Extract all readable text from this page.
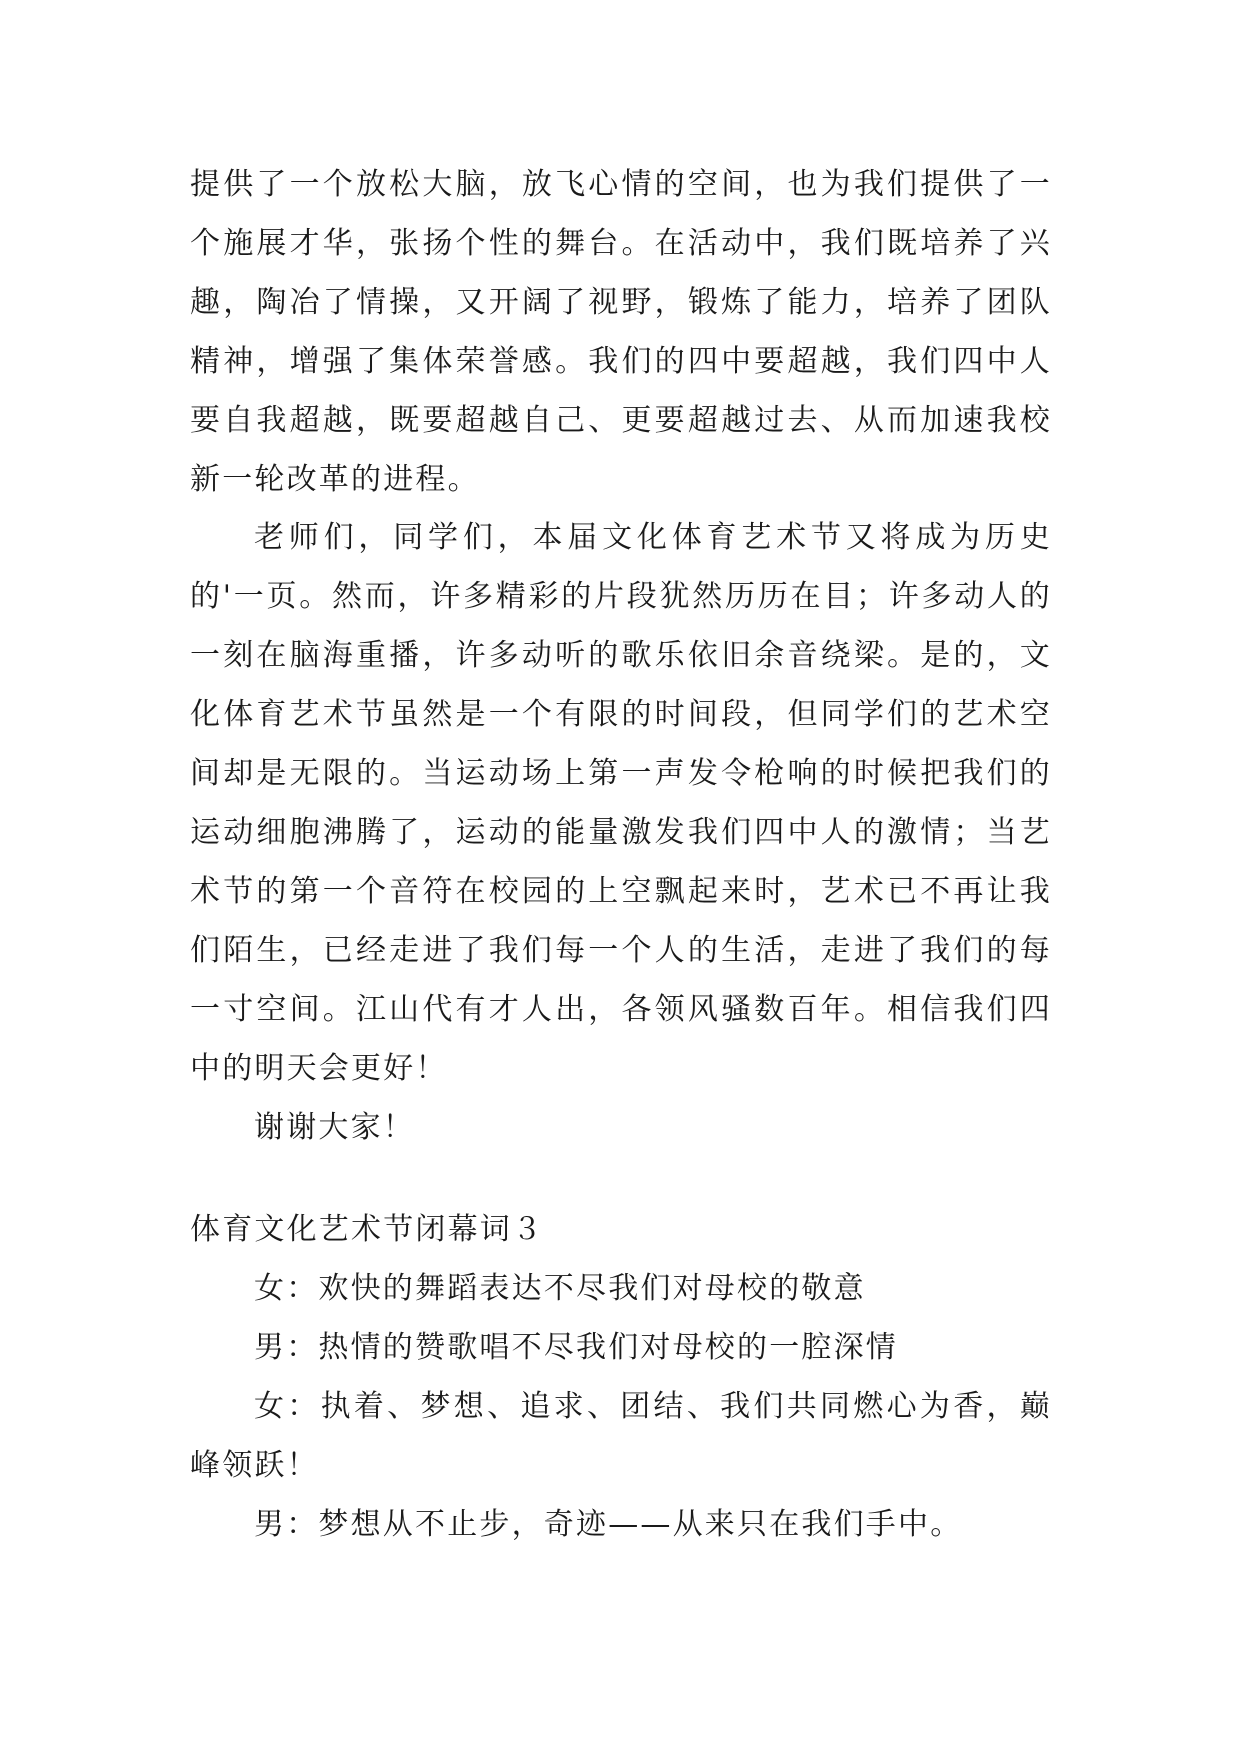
提供了一个放松大脑，放飞心情的空间，也为我们提供了一个施展才华，张扬个性的舞台。在活动中，我们既培养了兴趣，陶冶了情操，又开阔了视野，锻炼了能力，培养了团队精神，增强了集体荣誉感。我们的四中要超越，我们四中人要自我超越，既要超越自己、更要超越过去、从而加速我校新一轮改革的进程。

老师们，同学们，本届文化体育艺术节又将成为历史的'一页。然而，许多精彩的片段犹然历历在目；许多动人的一刻在脑海重播，许多动听的歌乐依旧余音绕梁。是的，文化体育艺术节虽然是一个有限的时间段，但同学们的艺术空间却是无限的。当运动场上第一声发令枪响的时候把我们的运动细胞沸腾了，运动的能量激发我们四中人的激情；当艺术节的第一个音符在校园的上空飘起来时，艺术已不再让我们陌生，已经走进了我们每一个人的生活，走进了我们的每一寸空间。江山代有才人出，各领风骚数百年。相信我们四中的明天会更好！

谢谢大家！

体育文化艺术节闭幕词３

女：欢快的舞蹈表达不尽我们对母校的敬意

男：热情的赞歌唱不尽我们对母校的一腔深情

女：执着、梦想、追求、团结、我们共同燃心为香，巅峰领跃！

男：梦想从不止步，奇迹——从来只在我们手中。
